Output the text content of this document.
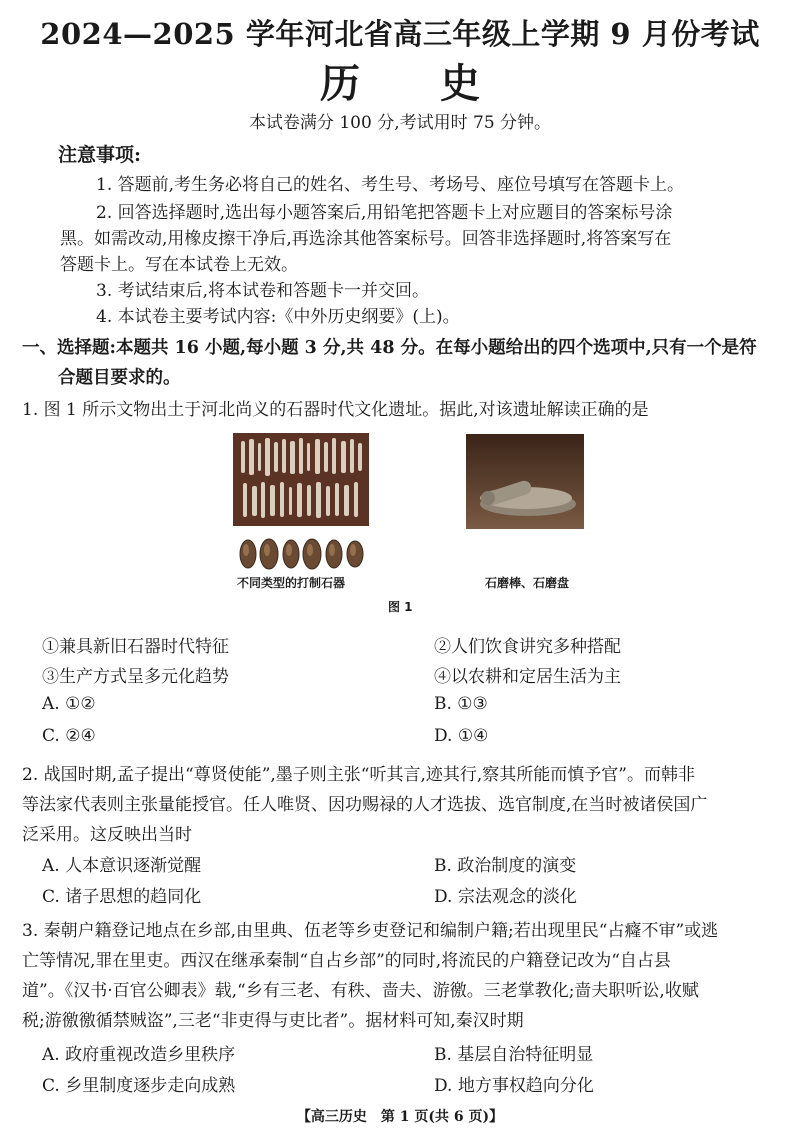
2024—2025 学年河北省高三年级上学期 9 月份考试
历史
本试卷满分 100 分,考试用时 75 分钟。
注意事项:
1. 答题前,考生务必将自己的姓名、考生号、考场号、座位号填写在答题卡上。
2. 回答选择题时,选出每小题答案后,用铅笔把答题卡上对应题目的答案标号涂
黑。如需改动,用橡皮擦干净后,再选涂其他答案标号。回答非选择题时,将答案写在
答题卡上。写在本试卷上无效。
3. 考试结束后,将本试卷和答题卡一并交回。
4. 本试卷主要考试内容:《中外历史纲要》(上)。
一、选择题:本题共 16 小题,每小题 3 分,共 48 分。在每小题给出的四个选项中,只有一个是符
合题目要求的。
1. 图 1 所示文物出土于河北尚义的石器时代文化遗址。据此,对该遗址解读正确的是
不同类型的打制石器	石磨棒、石磨盘
图 1
①兼具新旧石器时代特征	②人们饮食讲究多种搭配
③生产方式呈多元化趋势	④以农耕和定居生活为主
A. ①②	B. ①③
C. ②④	D. ①④
2. 战国时期,孟子提出“尊贤使能”,墨子则主张“听其言,迹其行,察其所能而慎予官”。而韩非
等法家代表则主张量能授官。任人唯贤、因功赐禄的人才选拔、选官制度,在当时被诸侯国广
泛采用。这反映出当时
A. 人本意识逐渐觉醒	B. 政治制度的演变
C. 诸子思想的趋同化	D. 宗法观念的淡化
3. 秦朝户籍登记地点在乡部,由里典、伍老等乡吏登记和编制户籍;若出现里民“占癃不审”或逃
亡等情况,罪在里吏。西汉在继承秦制“自占乡部”的同时,将流民的户籍登记改为“自占县
道”。《汉书·百官公卿表》载,“乡有三老、有秩、啬夫、游徼。三老掌教化;啬夫职听讼,收赋
税;游徼徼循禁贼盗”,三老“非吏得与吏比者”。据材料可知,秦汉时期
A. 政府重视改造乡里秩序	B. 基层自治特征明显
C. 乡里制度逐步走向成熟	D. 地方事权趋向分化
【高三历史　第 1 页(共 6 页)】
